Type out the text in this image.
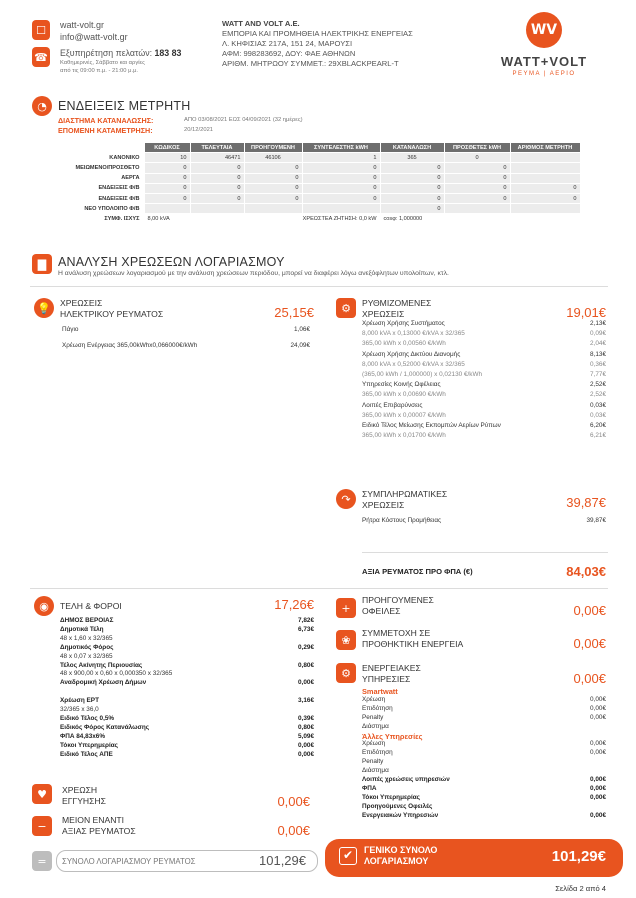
☐	watt-volt.gr
info@watt-volt.gr
☎ Εξυπηρέτηση πελατών: 183 83
Καθημερινές, Σάββατο και αργίες
από τις 09:00 π.μ. - 21:00 μ.μ.
WATT AND VOLT A.E.
ΕΜΠΟΡΙΑ ΚΑΙ ΠΡΟΜΗΘΕΙΑ ΗΛΕΚΤΡΙΚΗΣ ΕΝΕΡΓΕΙΑΣ
Λ. ΚΗΦΙΣΙΑΣ 217Α, 151 24, ΜΑΡΟΥΣΙ
ΑΦΜ: 998283692, ΔΟΥ: ΦΑΕ ΑΘΗΝΩΝ
ΑΡΙΘΜ. ΜΗΤΡΩΟΥ ΣΥΜΜΕΤ.: 29XBLACKPEARL-T
WV
WATT+VOLT
ΡΕΥΜΑ | ΑΕΡΙΟ
◔ ΕΝΔΕΙΞΕΙΣ ΜΕΤΡΗΤΗ
ΔΙΑΣΤΗΜΑ ΚΑΤΑΝΑΛΩΣΗΣ:	ΑΠΟ 03/08/2021 ΕΩΣ 04/09/2021 (32 ημέρες)
ΕΠΟΜΕΝΗ ΚΑΤΑΜΕΤΡΗΣΗ:	20/12/2021
	ΚΩΔΙΚΟΣ	ΤΕΛΕΥΤΑΙΑ	ΠΡΟΗΓΟΥΜΕΝΗ	ΣΥΝΤΕΛΕΣΤΗΣ kWH	ΚΑΤΑΝΑΛΩΣΗ	ΠΡΟΣΘΕΤΕΣ kWH	ΑΡΙΘΜΟΣ ΜΕΤΡΗΤΗ
ΚΑΝΟΝΙΚΟ	10	46471	46106	1	365	0	
ΜΕΙΩΜΕΝΟ/ΠΡΟΣΘΕΤΟ	0	0	0	0	0	0	
ΑΕΡΓΑ	0	0	0	0	0	0	
ΕΝΔΕΙΞΕΙΣ Φ/Β	0	0	0	0	0	0	0
ΕΝΔΕΙΞΕΙΣ Φ/Β	0	0	0	0	0	0	0
ΝΕΟ ΥΠΟΛΟΙΠΟ Φ/Β					0		
ΣΥΜΦ. ΙΣΧΥΣ	8,00 kVA		ΧΡΕΩΣΤΕΑ ΖΗΤΗΣΗ: 0,0 kW		cosφ: 1,000000		
▇ ΑΝΑΛΥΣΗ ΧΡΕΩΣΕΩΝ ΛΟΓΑΡΙΑΣΜΟΥ
Η ανάλυση χρεώσεων λογαριασμού με την ανάλυση χρεώσεων περιόδου, μπορεί να διαφέρει λόγω ανεξόφλητων υπολοίπων, κτλ.
💡	ΧΡΕΩΣΕΙΣ
ΗΛΕΚΤΡΙΚΟΥ ΡΕΥΜΑΤΟΣ	25,15€
Πάγιο	1,06€
Χρέωση Ενέργειας 365,00kWhx0,066000€/kWh	24,09€
⚙	ΡΥΘΜΙΖΟΜΕΝΕΣ
ΧΡΕΩΣΕΙΣ	19,01€
Χρέωση Χρήσης Συστήματος	2,13€
8,000 kVA x 0,13000 €/kVA x 32/365	0,09€
365,00 kWh x 0,00560 €/kWh	2,04€
Χρέωση Χρήσης Δικτύου Διανομής	8,13€
8,000 kVA x 0,52000 €/kVA x 32/365	0,36€
(365,00 kWh / 1,000000) x 0,02130 €/kWh	7,77€
Υπηρεσίες Κοινής Ωφέλειας	2,52€
365,00 kWh x 0,00690 €/kWh	2,52€
Λοιπές Επιβαρύνσεις	0,03€
365,00 kWh x 0,00007 €/kWh	0,03€
Ειδικό Τέλος Μείωσης Εκπομπών Αερίων Ρύπων	6,20€
365,00 kWh x 0,01700 €/kWh	6,21€
↷	ΣΥΜΠΛΗΡΩΜΑΤΙΚΕΣ
ΧΡΕΩΣΕΙΣ	39,87€
Ρήτρα Κόστους Προμήθειας	39,87€
ΑΞΙΑ ΡΕΥΜΑΤΟΣ ΠΡΟ ΦΠΑ (€)	84,03€
◉	ΤΕΛΗ & ΦΟΡΟΙ	17,26€
ΔΗΜΟΣ ΒΕΡΟΙΑΣ	7,82€
Δημοτικά Τέλη	6,73€
48 x 1,60 x 32/365
Δημοτικός Φόρος	0,29€
48 x 0,07 x 32/365
Τέλος Ακίνητης Περιουσίας	0,80€
48 x 900,00 x 0,60 x 0,000350 x 32/365
Αναδρομική Χρέωση Δήμων	0,00€
Χρέωση ΕΡΤ	3,16€
32/365 x 36,0
Ειδικό Τέλος 0,5%	0,39€
Ειδικός Φόρος Κατανάλωσης	0,80€
ΦΠΑ 84,83x6%	5,09€
Τόκοι Υπερημερίας	0,00€
Ειδικό Τέλος ΑΠΕ	0,00€
♥	ΧΡΕΩΣΗ
ΕΓΓΥΗΣΗΣ	0,00€
−	ΜΕΙΟΝ ΕΝΑΝΤΙ
ΑΞΙΑΣ ΡΕΥΜΑΤΟΣ	0,00€
=	ΣΥΝΟΛΟ ΛΟΓΑΡΙΑΣΜΟΥ ΡΕΥΜΑΤΟΣ	101,29€
+
ΠΡΟΗΓΟΥΜΕΝΕΣ
ΟΦΕΙΛΕΣ	0,00€
❀
ΣΥΜΜΕΤΟΧΗ ΣΕ
ΠΡΟΘΗΚΤΙΚΗ ΕΝΕΡΓΕΙΑ	0,00€
⚙	ΕΝΕΡΓΕΙΑΚΕΣ
ΥΠΗΡΕΣΙΕΣ	0,00€
Smartwatt
Χρέωση	0,00€
Επιδότηση	0,00€
Penalty	0,00€
Διάστημα
Άλλες Υπηρεσίες
Χρέωση	0,00€
Επιδότηση	0,00€
Penalty
Διάστημα
Λοιπές χρεώσεις υπηρεσιών	0,00€
ΦΠΑ	0,00€
Τόκοι Υπερημερίας	0,00€
Προηγούμενες Οφειλές
Ενεργειακών Υπηρεσιών	0,00€
✔	ΓΕΝΙΚΟ ΣΥΝΟΛΟ
ΛΟΓΑΡΙΑΣΜΟΥ	101,29€
Σελίδα 2 από 4
